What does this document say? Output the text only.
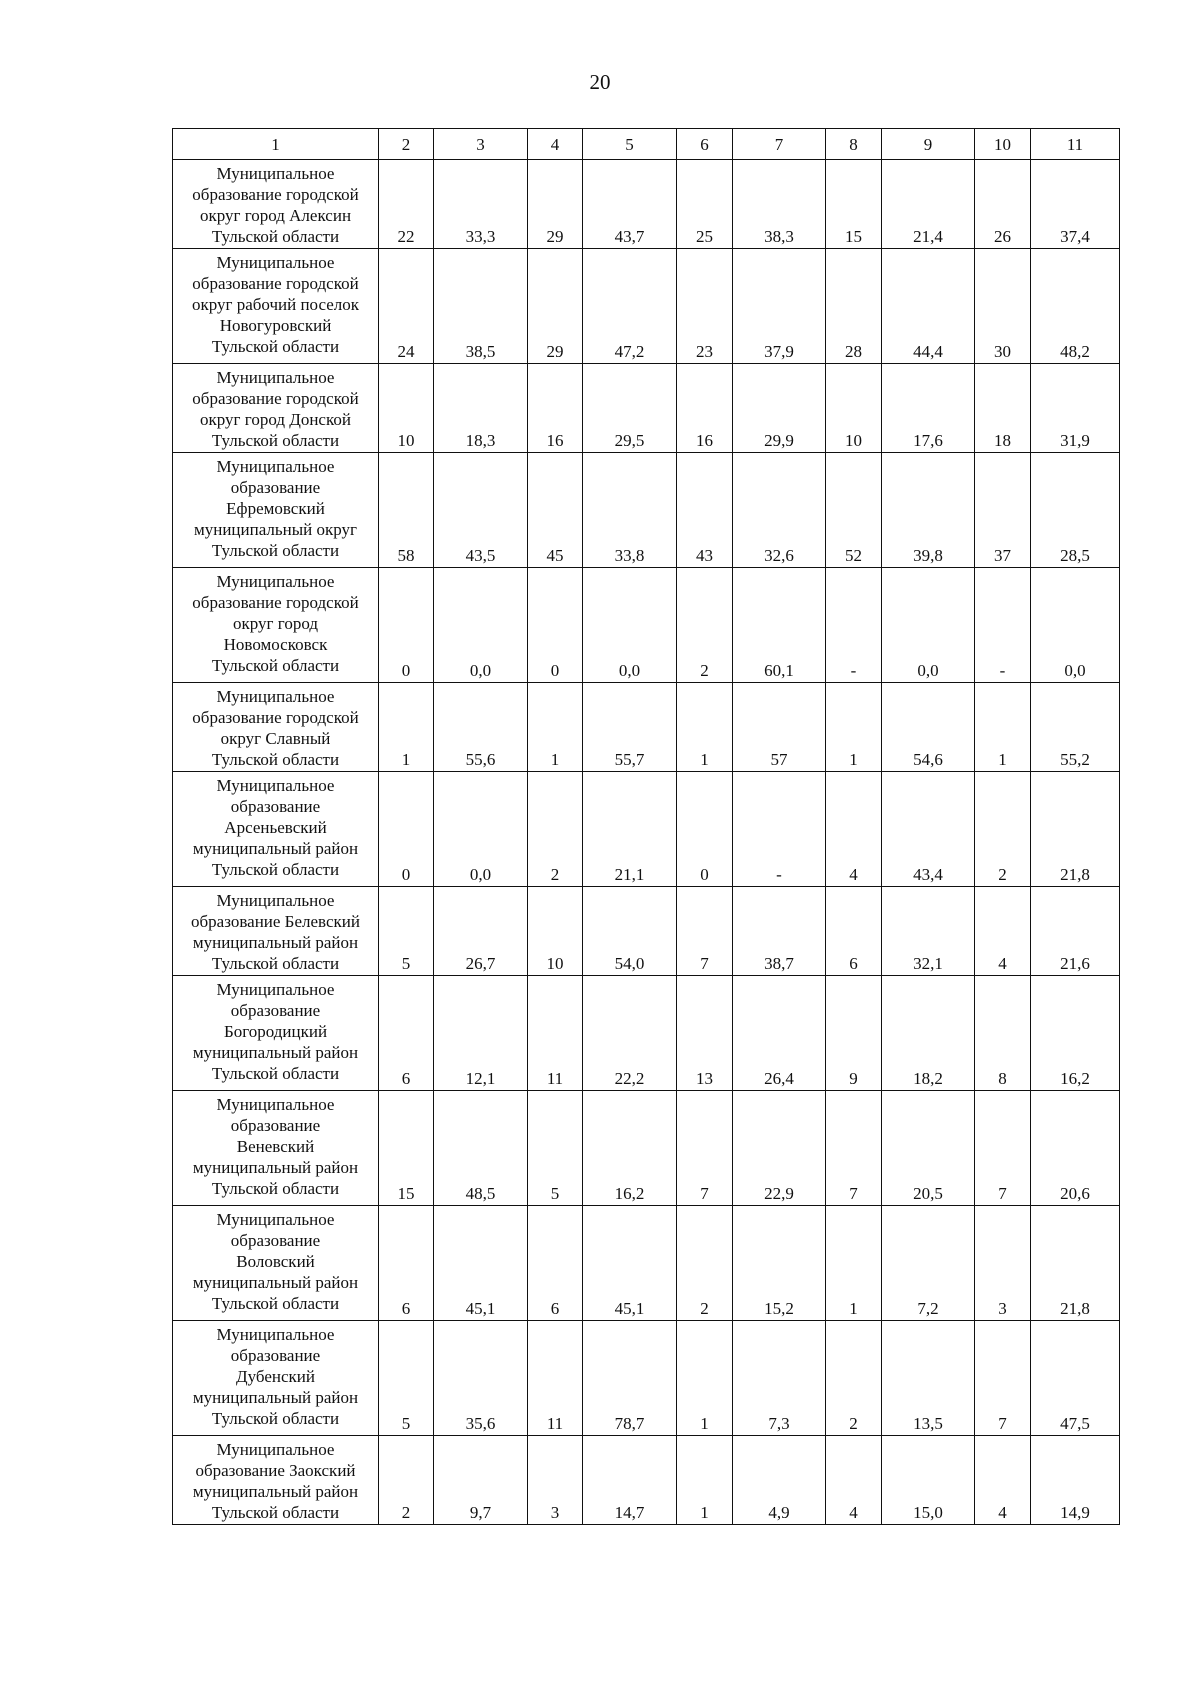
20
1	2	3	4	5	6	7	8	9	10	11

Муниципальное
образование городской
округ город Алексин
Тульской области	22	33,3	29	43,7	25	38,3	15	21,4	26	37,4

Муниципальное
образование городской
округ рабочий поселок
Новогуровский
Тульской области	24	38,5	29	47,2	23	37,9	28	44,4	30	48,2

Муниципальное
образование городской
округ город Донской
Тульской области	10	18,3	16	29,5	16	29,9	10	17,6	18	31,9

Муниципальное
образование
Ефремовский
муниципальный округ
Тульской области	58	43,5	45	33,8	43	32,6	52	39,8	37	28,5

Муниципальное
образование городской
округ город
Новомосковск
Тульской области	0	0,0	0	0,0	2	60,1	-	0,0	-	0,0

Муниципальное
образование городской
округ Славный
Тульской области	1	55,6	1	55,7	1	57	1	54,6	1	55,2

Муниципальное
образование
Арсеньевский
муниципальный район
Тульской области	0	0,0	2	21,1	0	-	4	43,4	2	21,8

Муниципальное
образование Белевский
муниципальный район
Тульской области	5	26,7	10	54,0	7	38,7	6	32,1	4	21,6

Муниципальное
образование
Богородицкий
муниципальный район
Тульской области	6	12,1	11	22,2	13	26,4	9	18,2	8	16,2

Муниципальное
образование
Веневский
муниципальный район
Тульской области	15	48,5	5	16,2	7	22,9	7	20,5	7	20,6

Муниципальное
образование
Воловский
муниципальный район
Тульской области	6	45,1	6	45,1	2	15,2	1	7,2	3	21,8

Муниципальное
образование
Дубенский
муниципальный район
Тульской области	5	35,6	11	78,7	1	7,3	2	13,5	7	47,5

Муниципальное
образование Заокский
муниципальный район
Тульской области	2	9,7	3	14,7	1	4,9	4	15,0	4	14,9
